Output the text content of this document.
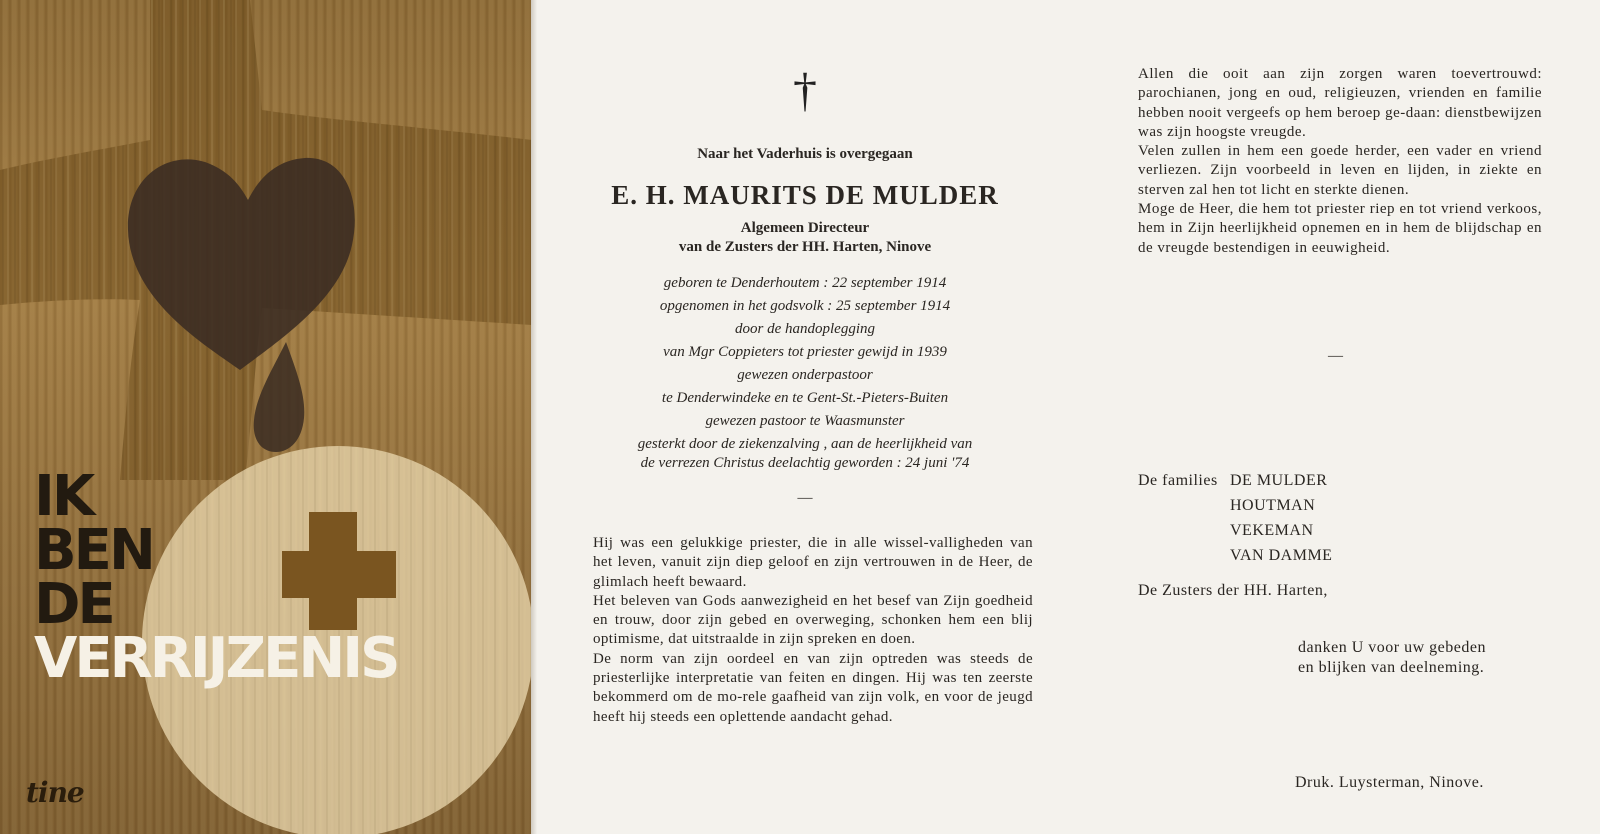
IK
BEN
DE
VERRIJZENIS
tine
†
Naar het Vaderhuis is overgegaan
E. H. MAURITS DE MULDER
Algemeen Directeur
van de Zusters der HH. Harten, Ninove
geboren te Denderhoutem : 22 september 1914
opgenomen in het godsvolk : 25 september 1914
door de handoplegging
van Mgr Coppieters tot priester gewijd in 1939
gewezen onderpastoor
te Denderwindeke en te Gent-St.-Pieters-Buiten
gewezen pastoor te Waasmunster
gesterkt door de ziekenzalving , aan de heerlijkheid van
de verrezen Christus deelachtig geworden : 24 juni '74
—

Hij was een gelukkige priester, die in alle wissel-valligheden van het leven, vanuit zijn diep geloof en zijn vertrouwen in de Heer, de glimlach heeft bewaard.

Het beleven van Gods aanwezigheid en het besef van Zijn goedheid en trouw, door zijn gebed en overweging, schonken hem een blij optimisme, dat uitstraalde in zijn spreken en doen.

De norm van zijn oordeel en van zijn optreden was steeds de priesterlijke interpretatie van feiten en dingen. Hij was ten zeerste bekommerd om de mo-rele gaafheid van zijn volk, en voor de jeugd heeft hij steeds een oplettende aandacht gehad.

Allen die ooit aan zijn zorgen waren toevertrouwd: parochianen, jong en oud, religieuzen, vrienden en familie hebben nooit vergeefs op hem beroep ge-daan: dienstbewijzen was zijn hoogste vreugde.

Velen zullen in hem een goede herder, een vader en vriend verliezen. Zijn voorbeeld in leven en lijden, in ziekte en sterven zal hen tot licht en sterkte dienen.

Moge de Heer, die hem tot priester riep en tot vriend verkoos, hem in Zijn heerlijkheid opnemen en in hem de blijdschap en de vreugde bestendigen in eeuwigheid.

—
De families DE MULDER
HOUTMAN
VEKEMAN
VAN DAMME
De Zusters der HH. Harten,
danken U voor uw gebeden
en blijken van deelneming.
Druk. Luysterman, Ninove.
